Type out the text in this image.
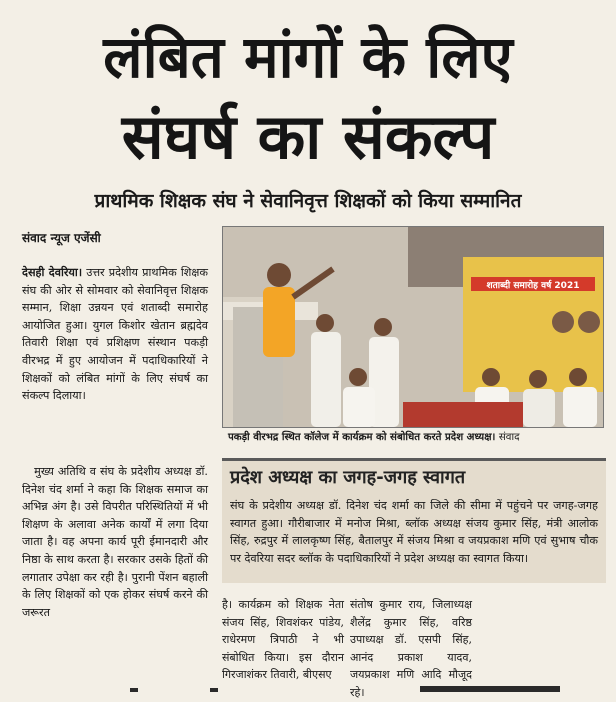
लंबित मांगों के लिए
संघर्ष का संकल्प
प्राथमिक शिक्षक संघ ने सेवानिवृत्त शिक्षकों को किया सम्मानित
संवाद न्यूज एजेंसी
देसही देवरिया। उत्तर प्रदेशीय प्राथमिक शिक्षक संघ की ओर से सोमवार को सेवानिवृत्त शिक्षक सम्मान, शिक्षा उन्नयन एवं शताब्दी समारोह आयोजित हुआ। युगल किशोर खेतान ब्रह्मदेव तिवारी शिक्षा एवं प्रशिक्षण संस्थान पकड़ी वीरभद्र में हुए आयोजन में पदाधिकारियों ने शिक्षकों को लंबित मांगों के लिए संघर्ष का संकल्प दिलाया।
मुख्य अतिथि व संघ के प्रदेशीय अध्यक्ष डॉ. दिनेश चंद शर्मा ने कहा कि शिक्षक समाज का अभिन्न अंग है। उसे विपरीत परिस्थितियों में भी शिक्षण के अलावा अनेक कार्यों में लगा दिया जाता है। वह अपना कार्य पूरी ईमानदारी और निष्ठा के साथ करता है। सरकार उसके हितों की लगातार उपेक्षा कर रही है। पुरानी पेंशन बहाली के लिए शिक्षकों को एक होकर संघर्ष करने की जरूरत
शताब्दी समारोह वर्ष 2021
पकड़ी वीरभद्र स्थित कॉलेज में कार्यक्रम को संबोधित करते प्रदेश अध्यक्ष। संवाद
प्रदेश अध्यक्ष का जगह-जगह स्वागत
संघ के प्रदेशीय अध्यक्ष डॉ. दिनेश चंद शर्मा का जिले की सीमा में पहुंचने पर जगह-जगह स्वागत हुआ। गौरीबाजार में मनोज मिश्रा, ब्लॉक अध्यक्ष संजय कुमार सिंह, मंत्री आलोक सिंह, रुद्रपुर में लालकृष्ण सिंह, बैतालपुर में संजय मिश्रा व जयप्रकाश मणि एवं सुभाष चौक पर देवरिया सदर ब्लॉक के पदाधिकारियों ने प्रदेश अध्यक्ष का स्वागत किया।
है। कार्यक्रम को शिक्षक नेता संजय सिंह, शिवशंकर पांडेय, राधेरमण त्रिपाठी ने भी संबोधित किया। इस दौरान गिरजाशंकर तिवारी, बीएसए
संतोष कुमार राय, जिलाध्यक्ष शैलेंद्र कुमार सिंह, वरिष्ठ उपाध्यक्ष डॉ. एसपी सिंह, आनंद प्रकाश यादव, जयप्रकाश मणि आदि मौजूद रहे।
